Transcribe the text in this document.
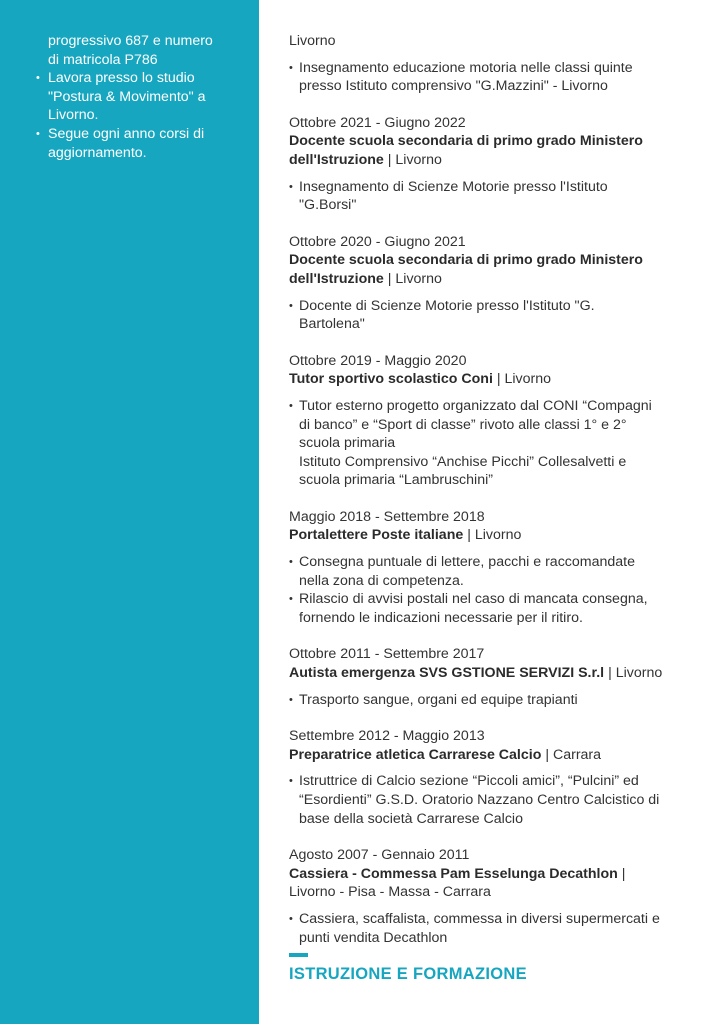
progressivo 687 e numero
di matricola P786
• Lavora presso lo studio
"Postura & Movimento" a
Livorno.
• Segue ogni anno corsi di
aggiornamento.
Livorno
• Insegnamento educazione motoria nelle classi quinte
presso Istituto comprensivo "G.Mazzini" - Livorno
Ottobre 2021 - Giugno 2022
Docente scuola secondaria di primo grado Ministero
dell'Istruzione | Livorno
• Insegnamento di Scienze Motorie presso l'Istituto
"G.Borsi"
Ottobre 2020 - Giugno 2021
Docente scuola secondaria di primo grado Ministero
dell'Istruzione | Livorno
• Docente di Scienze Motorie presso l'Istituto "G.
Bartolena"
Ottobre 2019 - Maggio 2020
Tutor sportivo scolastico Coni | Livorno
• Tutor esterno progetto organizzato dal CONI “Compagni
di banco” e “Sport di classe” rivoto alle classi 1° e 2°
scuola primaria
Istituto Comprensivo “Anchise Picchi” Collesalvetti e
scuola primaria “Lambruschini”
Maggio 2018 - Settembre 2018
Portalettere Poste italiane | Livorno
• Consegna puntuale di lettere, pacchi e raccomandate
nella zona di competenza.
• Rilascio di avvisi postali nel caso di mancata consegna,
fornendo le indicazioni necessarie per il ritiro.
Ottobre 2011 - Settembre 2017
Autista emergenza SVS GSTIONE SERVIZI S.r.l | Livorno
• Trasporto sangue, organi ed equipe trapianti
Settembre 2012 - Maggio 2013
Preparatrice atletica Carrarese Calcio | Carrara
• Istruttrice di Calcio sezione “Piccoli amici”, “Pulcini” ed
“Esordienti” G.S.D. Oratorio Nazzano Centro Calcistico di
base della società Carrarese Calcio
Agosto 2007 - Gennaio 2011
Cassiera - Commessa Pam Esselunga Decathlon |
Livorno - Pisa - Massa - Carrara
• Cassiera, scaffalista, commessa in diversi supermercati e
punti vendita Decathlon
ISTRUZIONE E FORMAZIONE
